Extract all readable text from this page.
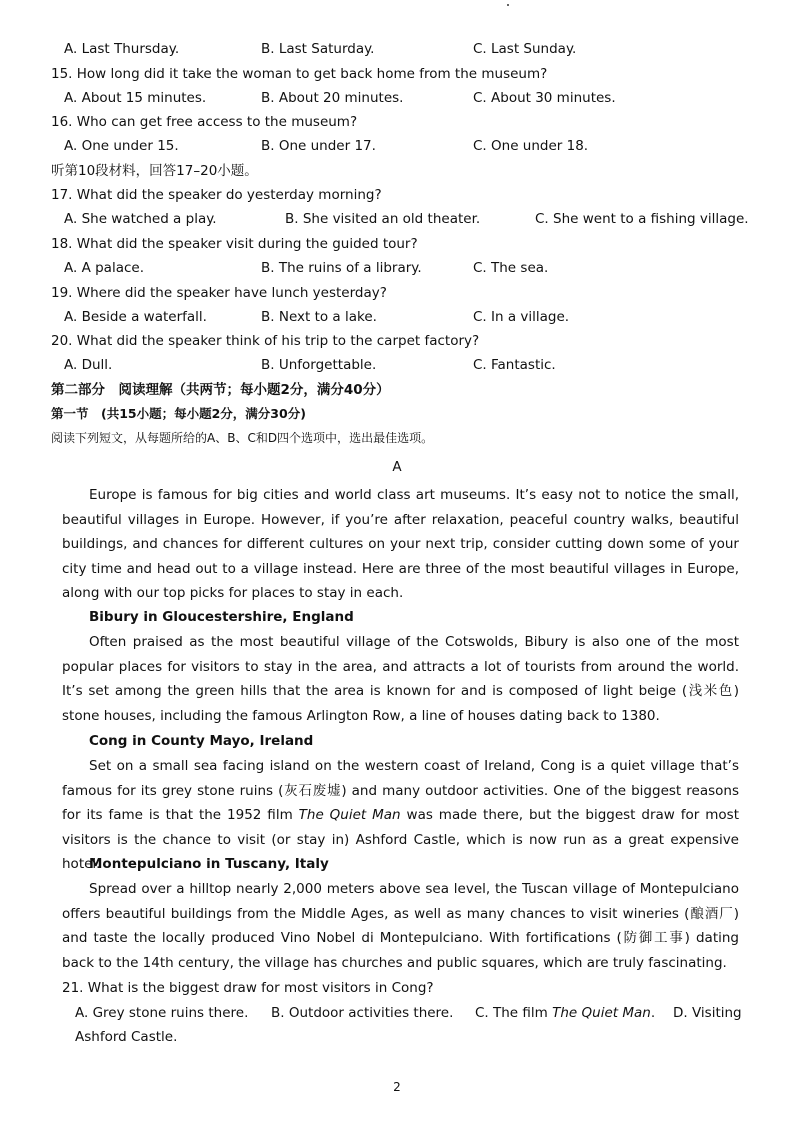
A. Last Thursday.	B. Last Saturday.	C. Last Sunday.
15. How long did it take the woman to get back home from the museum?
A. About 15 minutes.	B. About 20 minutes.	C. About 30 minutes.
16. Who can get free access to the museum?
A. One under 15.	B. One under 17.	C. One under 18.
听第10段材料，回答17–20小题。
17. What did the speaker do yesterday morning?
A. She watched a play.	B. She visited an old theater.	C. She went to a fishing village.
18. What did the speaker visit during the guided tour?
A. A palace.	B. The ruins of a library.	C. The sea.
19. Where did the speaker have lunch yesterday?
A. Beside a waterfall.	B. Next to a lake.	C. In a village.
20. What did the speaker think of his trip to the carpet factory?
A. Dull.	B. Unforgettable.	C. Fantastic.
第二部分　阅读理解（共两节；每小题2分，满分40分）
第一节　(共15小题；每小题2分，满分30分)
阅读下列短文，从每题所给的A、B、C和D四个选项中，选出最佳选项。
A

Europe is famous for big cities and world class art museums. It’s easy not to notice the small, beautiful villages in Europe. However, if you’re after relaxation, peaceful country walks, beautiful buildings, and chances for different cultures on your next trip, consider cutting down some of your city time and head out to a village instead. Here are three of the most beautiful villages in Europe, along with our top picks for places to stay in each.

Bibury in Gloucestershire, England

Often praised as the most beautiful village of the Cotswolds, Bibury is also one of the most popular places for visitors to stay in the area, and attracts a lot of tourists from around the world. It’s set among the green hills that the area is known for and is composed of light beige (浅米色) stone houses, including the famous Arlington Row, a line of houses dating back to 1380.

Cong in County Mayo, Ireland

Set on a small sea facing island on the western coast of Ireland, Cong is a quiet village that’s famous for its grey stone ruins (灰石废墟) and many outdoor activities. One of the biggest reasons for its fame is that the 1952 film The Quiet Man was made there, but the biggest draw for most visitors is the chance to visit (or stay in) Ashford Castle, which is now run as a great expensive hotel.

Montepulciano in Tuscany, Italy

Spread over a hilltop nearly 2,000 meters above sea level, the Tuscan village of Montepulciano offers beautiful buildings from the Middle Ages, as well as many chances to visit wineries (酿酒厂) and taste the locally produced Vino Nobel di Montepulciano. With fortifications (防御工事) dating back to the 14th century, the village has churches and public squares, which are truly fascinating.

21. What is the biggest draw for most visitors in Cong?
A. Grey stone ruins there. B. Outdoor activities there. C. The film The Quiet Man. D. Visiting
Ashford Castle.
2
